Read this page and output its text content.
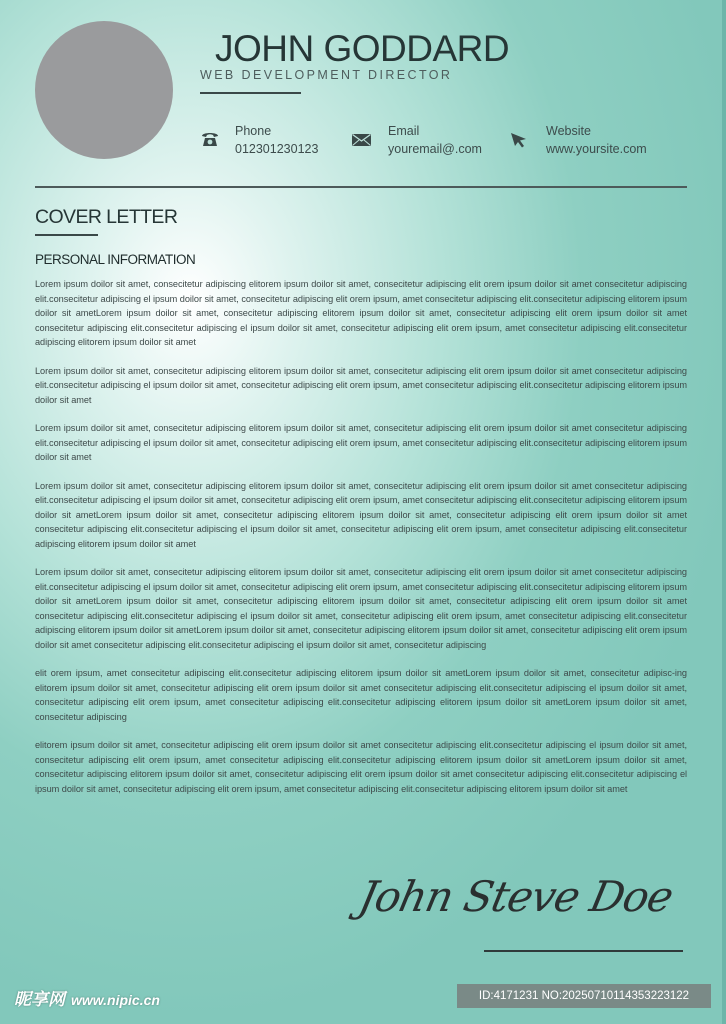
JOHN GODDARD
WEB DEVELOPMENT DIRECTOR
Phone
012301230123
Email
youremail@.com
Website
www.yoursite.com
COVER LETTER
PERSONAL INFORMATION

Lorem ipsum doilor sit amet, consecitetur adipiscing elitorem ipsum doilor sit amet, consecitetur adipiscing elit orem ipsum doilor sit amet consecitetur adipiscing elit.consecitetur adipiscing el ipsum doilor sit amet, consecitetur adipiscing elit orem ipsum, amet consecitetur adipiscing elit.consecitetur adipiscing elitorem ipsum doilor sit ametLorem ipsum doilor sit amet, consecitetur adipiscing elitorem ipsum doilor sit amet, consecitetur adipiscing elit orem ipsum doilor sit amet consecitetur adipiscing elit.consecitetur adipiscing el ipsum doilor sit amet, consecitetur adipiscing elit orem ipsum, amet consecitetur adipiscing elit.consecitetur adipiscing elitorem ipsum doilor sit amet

Lorem ipsum doilor sit amet, consecitetur adipiscing elitorem ipsum doilor sit amet, consecitetur adipiscing elit orem ipsum doilor sit amet consecitetur adipiscing elit.consecitetur adipiscing el ipsum doilor sit amet, consecitetur adipiscing elit orem ipsum, amet consecitetur adipiscing elit.consecitetur adipiscing elitorem ipsum doilor sit amet

Lorem ipsum doilor sit amet, consecitetur adipiscing elitorem ipsum doilor sit amet, consecitetur adipiscing elit orem ipsum doilor sit amet consecitetur adipiscing elit.consecitetur adipiscing el ipsum doilor sit amet, consecitetur adipiscing elit orem ipsum, amet consecitetur adipiscing elit.consecitetur adipiscing elitorem ipsum doilor sit amet

Lorem ipsum doilor sit amet, consecitetur adipiscing elitorem ipsum doilor sit amet, consecitetur adipiscing elit orem ipsum doilor sit amet consecitetur adipiscing elit.consecitetur adipiscing el ipsum doilor sit amet, consecitetur adipiscing elit orem ipsum, amet consecitetur adipiscing elit.consecitetur adipiscing elitorem ipsum doilor sit ametLorem ipsum doilor sit amet, consecitetur adipiscing elitorem ipsum doilor sit amet, consecitetur adipiscing elit orem ipsum doilor sit amet consecitetur adipiscing elit.consecitetur adipiscing el ipsum doilor sit amet, consecitetur adipiscing elit orem ipsum, amet consecitetur adipiscing elit.consecitetur adipiscing elitorem ipsum doilor sit amet

Lorem ipsum doilor sit amet, consecitetur adipiscing elitorem ipsum doilor sit amet, consecitetur adipiscing elit orem ipsum doilor sit amet consecitetur adipiscing elit.consecitetur adipiscing el ipsum doilor sit amet, consecitetur adipiscing elit orem ipsum, amet consecitetur adipiscing elit.consecitetur adipiscing elitorem ipsum doilor sit ametLorem ipsum doilor sit amet, consecitetur adipiscing elitorem ipsum doilor sit amet, consecitetur adipiscing elit orem ipsum doilor sit amet consecitetur adipiscing elit.consecitetur adipiscing el ipsum doilor sit amet, consecitetur adipiscing elit orem ipsum, amet consecitetur adipiscing elit.consecitetur adipiscing elitorem ipsum doilor sit ametLorem ipsum doilor sit amet, consecitetur adipiscing elitorem ipsum doilor sit amet, consecitetur adipiscing elit orem ipsum doilor sit amet consecitetur adipiscing elit.consecitetur adipiscing el ipsum doilor sit amet, consecitetur adipiscing

elit orem ipsum, amet consecitetur adipiscing elit.consecitetur adipiscing elitorem ipsum doilor sit ametLorem ipsum doilor sit amet, consecitetur adipisc-ing elitorem ipsum doilor sit amet, consecitetur adipiscing elit orem ipsum doilor sit amet consecitetur adipiscing elit.consecitetur adipiscing el ipsum doilor sit amet, consecitetur adipiscing elit orem ipsum, amet consecitetur adipiscing elit.consecitetur adipiscing elitorem ipsum doilor sit ametLorem ipsum doilor sit amet, consecitetur adipiscing

elitorem ipsum doilor sit amet, consecitetur adipiscing elit orem ipsum doilor sit amet consecitetur adipiscing elit.consecitetur adipiscing el ipsum doilor sit amet, consecitetur adipiscing elit orem ipsum, amet consecitetur adipiscing elit.consecitetur adipiscing elitorem ipsum doilor sit ametLorem ipsum doilor sit amet, consecitetur adipiscing elitorem ipsum doilor sit amet, consecitetur adipiscing elit orem ipsum doilor sit amet consecitetur adipiscing elit.consecitetur adipiscing el ipsum doilor sit amet, consecitetur adipiscing elit orem ipsum, amet consecitetur adipiscing elit.consecitetur adipiscing elitorem ipsum doilor sit amet

John Steve Doe
昵享网 www.nipic.cn	ID:4171231 NO:20250710114353223122
